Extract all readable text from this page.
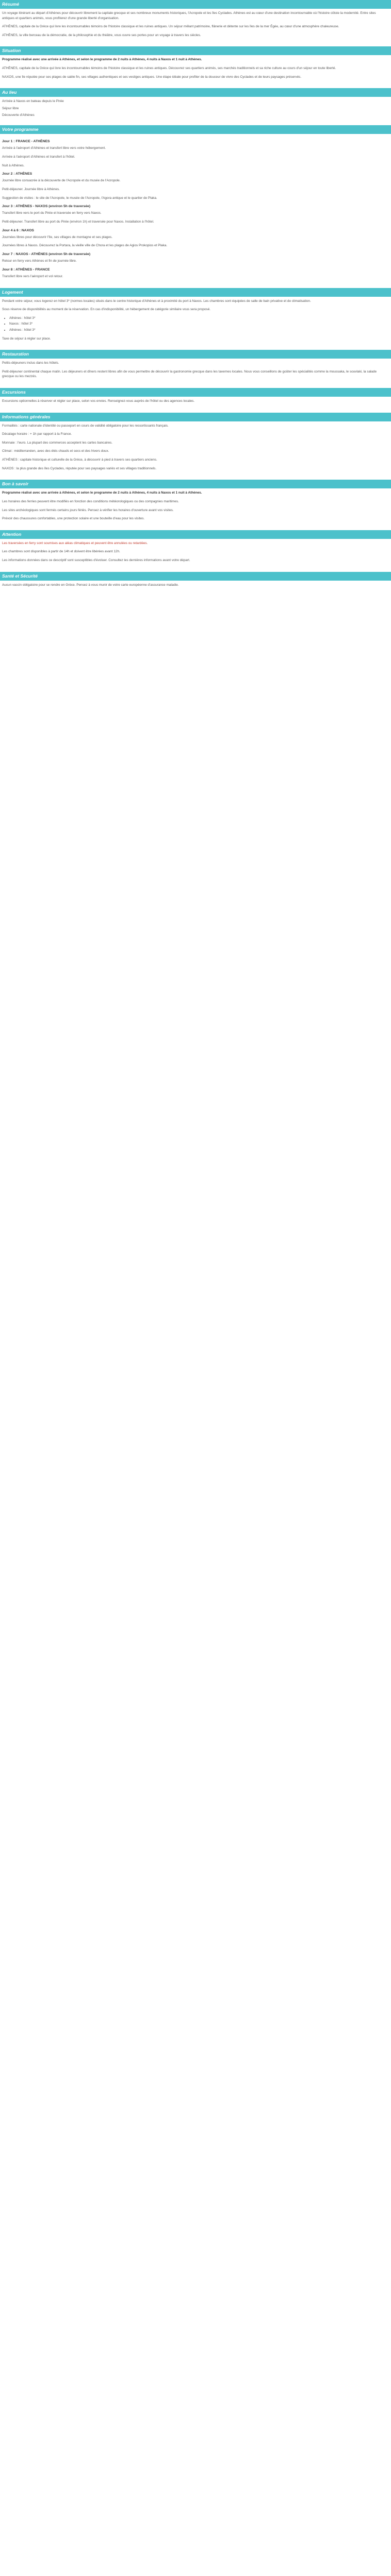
Résumé

Un voyage itinérant au départ d'Athènes pour découvrir librement la capitale grecque et ses nombreux monuments historiques, l'Acropole et les îles Cyclades. Athènes est au cœur d'une destination incontournable où l'histoire côtoie la modernité. Entre sites antiques et quartiers animés, vous profiterez d'une grande liberté d'organisation.

ATHÈNES, capitale de la Grèce qui livre les incontournables témoins de l'histoire classique et les ruines antiques. Un séjour mêlant patrimoine, flânerie et détente sur les îles de la mer Égée, au cœur d'une atmosphère chaleureuse.

ATHÈNES, la ville berceau de la démocratie, de la philosophie et du théâtre, vous ouvre ses portes pour un voyage à travers les siècles.

Situation

Programme réalisé avec une arrivée à Athènes, et selon le programme de 2 nuits à Athènes, 4 nuits à Naxos et 1 nuit à Athènes.

ATHÈNES, capitale de la Grèce qui livre les incontournables témoins de l'histoire classique et les ruines antiques. Découvrez ses quartiers animés, ses marchés traditionnels et sa riche culture au cours d'un séjour en toute liberté.

NAXOS, une île réputée pour ses plages de sable fin, ses villages authentiques et ses vestiges antiques. Une étape idéale pour profiter de la douceur de vivre des Cyclades et de leurs paysages préservés.

Au lieu

Arrivée à Naxos en bateau depuis le Pirée

Séjour libre

Découverte d'Athènes

Votre programme
Jour 1 : FRANCE - ATHÈNES

Arrivée à l'aéroport d'Athènes et transfert libre vers votre hébergement.

Arrivée à l'aéroport d'Athènes et transfert à l'hôtel.

Nuit à Athènes.

Jour 2 : ATHÈNES

Journée libre consacrée à la découverte de l'Acropole et du musée de l'Acropole.

Petit-déjeuner. Journée libre à Athènes.

Suggestion de visites : le site de l'Acropole, le musée de l'Acropole, l'Agora antique et le quartier de Plaka.

Jour 3 : ATHÈNES - NAXOS (environ 5h de traversée)

Transfert libre vers le port du Pirée et traversée en ferry vers Naxos.

Petit-déjeuner. Transfert libre au port du Pirée (environ 1h) et traversée pour Naxos. Installation à l'hôtel.

Jour 4 à 6 : NAXOS

Journées libres pour découvrir l'île, ses villages de montagne et ses plages.

Journées libres à Naxos. Découvrez la Portara, la vieille ville de Chora et les plages de Agios Prokopios et Plaka.

Jour 7 : NAXOS - ATHÈNES (environ 5h de traversée)

Retour en ferry vers Athènes et fin de journée libre.

Jour 8 : ATHÈNES - FRANCE

Transfert libre vers l'aéroport et vol retour.

Logement

Pendant votre séjour, vous logerez en hôtel 3* (normes locales) situés dans le centre historique d'Athènes et à proximité du port à Naxos. Les chambres sont équipées de salle de bain privative et de climatisation.

Sous réserve de disponibilités au moment de la réservation. En cas d'indisponibilité, un hébergement de catégorie similaire vous sera proposé.

• Athènes : hôtel 3*
• Naxos : hôtel 3*
• Athènes : hôtel 3*

Taxe de séjour à régler sur place.

Restauration

Petits-déjeuners inclus dans les hôtels.

Petit-déjeuner continental chaque matin. Les déjeuners et dîners restent libres afin de vous permettre de découvrir la gastronomie grecque dans les tavernes locales. Nous vous conseillons de goûter les spécialités comme la moussaka, le souvlaki, la salade grecque ou les mezzés.

Excursions

Excursions optionnelles à réserver et régler sur place, selon vos envies. Renseignez-vous auprès de l'hôtel ou des agences locales.

Informations générales

Formalités : carte nationale d'identité ou passeport en cours de validité obligatoire pour les ressortissants français.

Décalage horaire : + 1h par rapport à la France.

Monnaie : l'euro. La plupart des commerces acceptent les cartes bancaires.

Climat : méditerranéen, avec des étés chauds et secs et des hivers doux.

ATHÈNES : capitale historique et culturelle de la Grèce, à découvrir à pied à travers ses quartiers anciens.

NAXOS : la plus grande des îles Cyclades, réputée pour ses paysages variés et ses villages traditionnels.

Bon à savoir

Programme réalisé avec une arrivée à Athènes, et selon le programme de 2 nuits à Athènes, 4 nuits à Naxos et 1 nuit à Athènes.

Les horaires des ferries peuvent être modifiés en fonction des conditions météorologiques ou des compagnies maritimes.

Les sites archéologiques sont fermés certains jours fériés. Pensez à vérifier les horaires d'ouverture avant vos visites.

Prévoir des chaussures confortables, une protection solaire et une bouteille d'eau pour les visites.

Attention

Les traversées en ferry sont soumises aux aléas climatiques et peuvent être annulées ou retardées.

Les chambres sont disponibles à partir de 14h et doivent être libérées avant 12h.

Les informations données dans ce descriptif sont susceptibles d'évoluer. Consultez les dernières informations avant votre départ.

Santé et Sécurité

Aucun vaccin obligatoire pour se rendre en Grèce. Pensez à vous munir de votre carte européenne d'assurance maladie.
